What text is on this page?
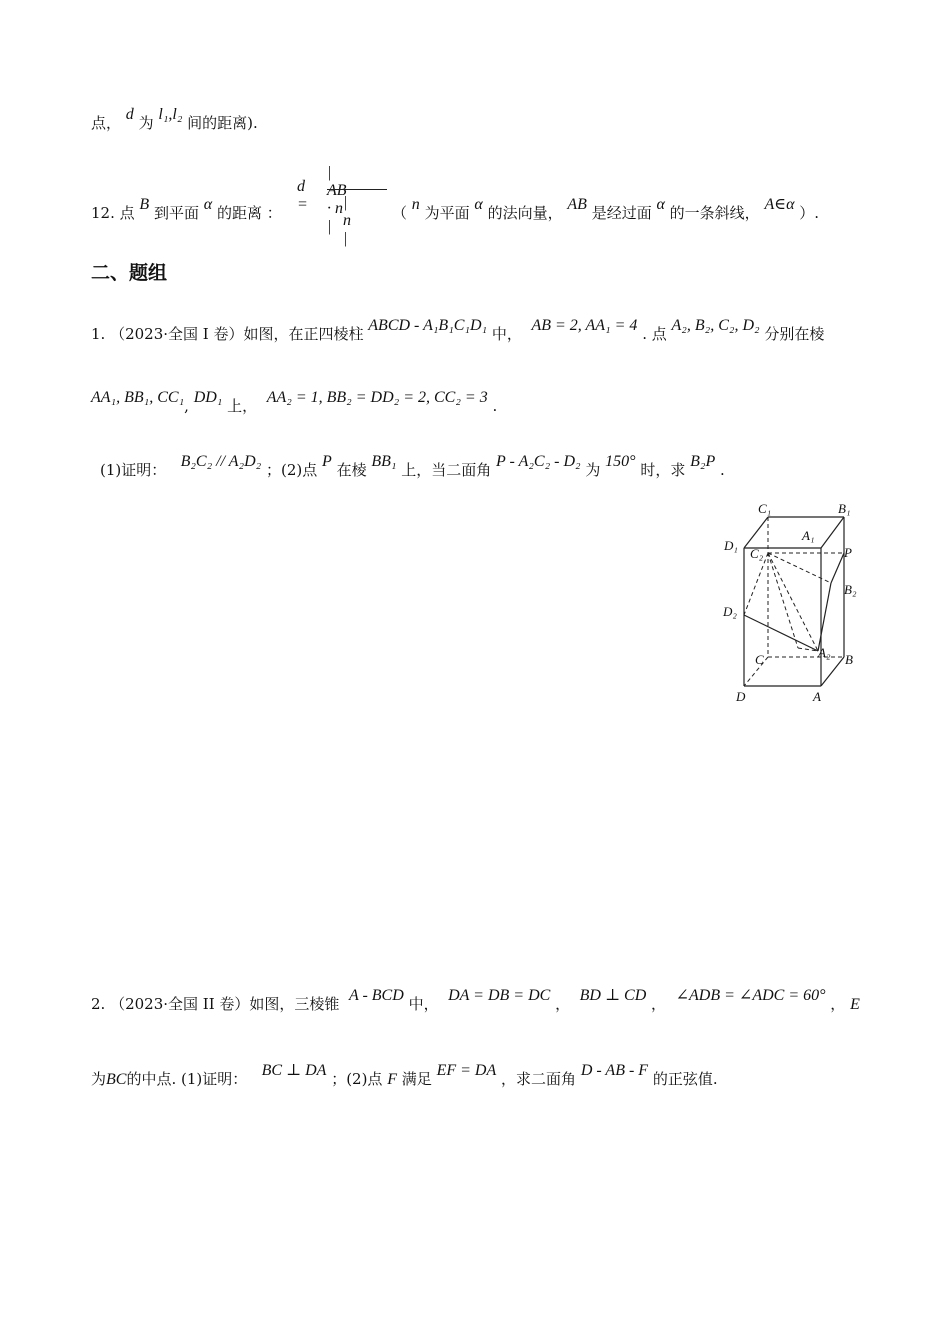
点， d 为 l₁,l₂ 间的距离).
12. 点 B 到平面 α 的距离 ：
d =
| AB · n |
| n |
（ n 为平面 α 的法向量， AB 是经过面 α 的一条斜线， A∈α ）.
二、题组
1. （2023·全国 I 卷）如图，在正四棱柱 ABCD - A₁B₁C₁D₁ 中， AB = 2, AA₁ = 4 . 点 A₂, B₂, C₂, D₂ 分别在棱
AA₁, BB₁, CC₁, DD₁ 上， AA₂ = 1, BB₂ = DD₂ = 2, CC₂ = 3 .
(1)证明： B₂C₂ // A₂D₂ ；(2)点 P 在棱 BB₁ 上，当二面角 P - A₂C₂ - D₂ 为 150° 时，求 B₂P .
C₁	B₁
D₁
A₁
C₂	P
B₂
D₂
A₂
C	B
D	A
2. （2023·全国 II 卷）如图，三棱锥 A - BCD 中， DA = DB = DC ， BD ⊥ CD ， ∠ADB = ∠ADC = 60° ， E
为BC的中点. (1)证明： BC ⊥ DA ；(2)点 F 满足 EF = DA ，求二面角 D - AB - F 的正弦值.
